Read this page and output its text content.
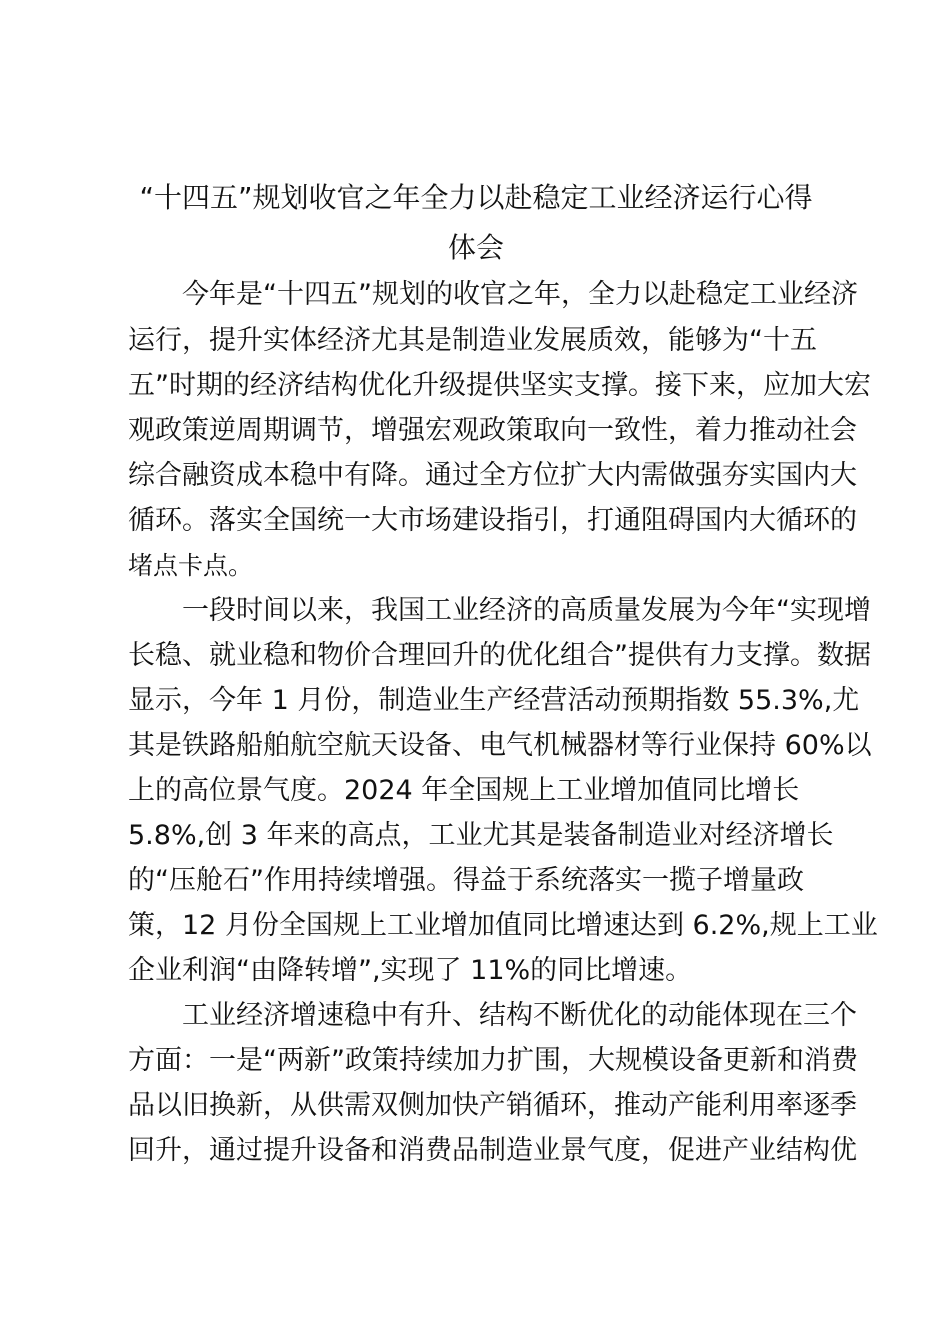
“十四五”规划收官之年全力以赴稳定工业经济运行心得
体会

今年是“十四五”规划的收官之年，全力以赴稳定工业经济

运行，提升实体经济尤其是制造业发展质效，能够为“十五

五”时期的经济结构优化升级提供坚实支撑。接下来，应加大宏

观政策逆周期调节，增强宏观政策取向一致性，着力推动社会

综合融资成本稳中有降。通过全方位扩大内需做强夯实国内大

循环。落实全国统一大市场建设指引，打通阻碍国内大循环的

堵点卡点。

一段时间以来，我国工业经济的高质量发展为今年“实现增

长稳、就业稳和物价合理回升的优化组合”提供有力支撑。数据

显示，今年 1 月份，制造业生产经营活动预期指数 55.3%,尤

其是铁路船舶航空航天设备、电气机械器材等行业保持 60%以

上的高位景气度。2024 年全国规上工业增加值同比增长

5.8%,创 3 年来的高点，工业尤其是装备制造业对经济增长

的“压舱石”作用持续增强。得益于系统落实一揽子增量政

策，12 月份全国规上工业增加值同比增速达到 6.2%,规上工业

企业利润“由降转增”,实现了 11%的同比增速。

工业经济增速稳中有升、结构不断优化的动能体现在三个

方面：一是“两新”政策持续加力扩围，大规模设备更新和消费

品以旧换新，从供需双侧加快产销循环，推动产能利用率逐季

回升，通过提升设备和消费品制造业景气度，促进产业结构优
